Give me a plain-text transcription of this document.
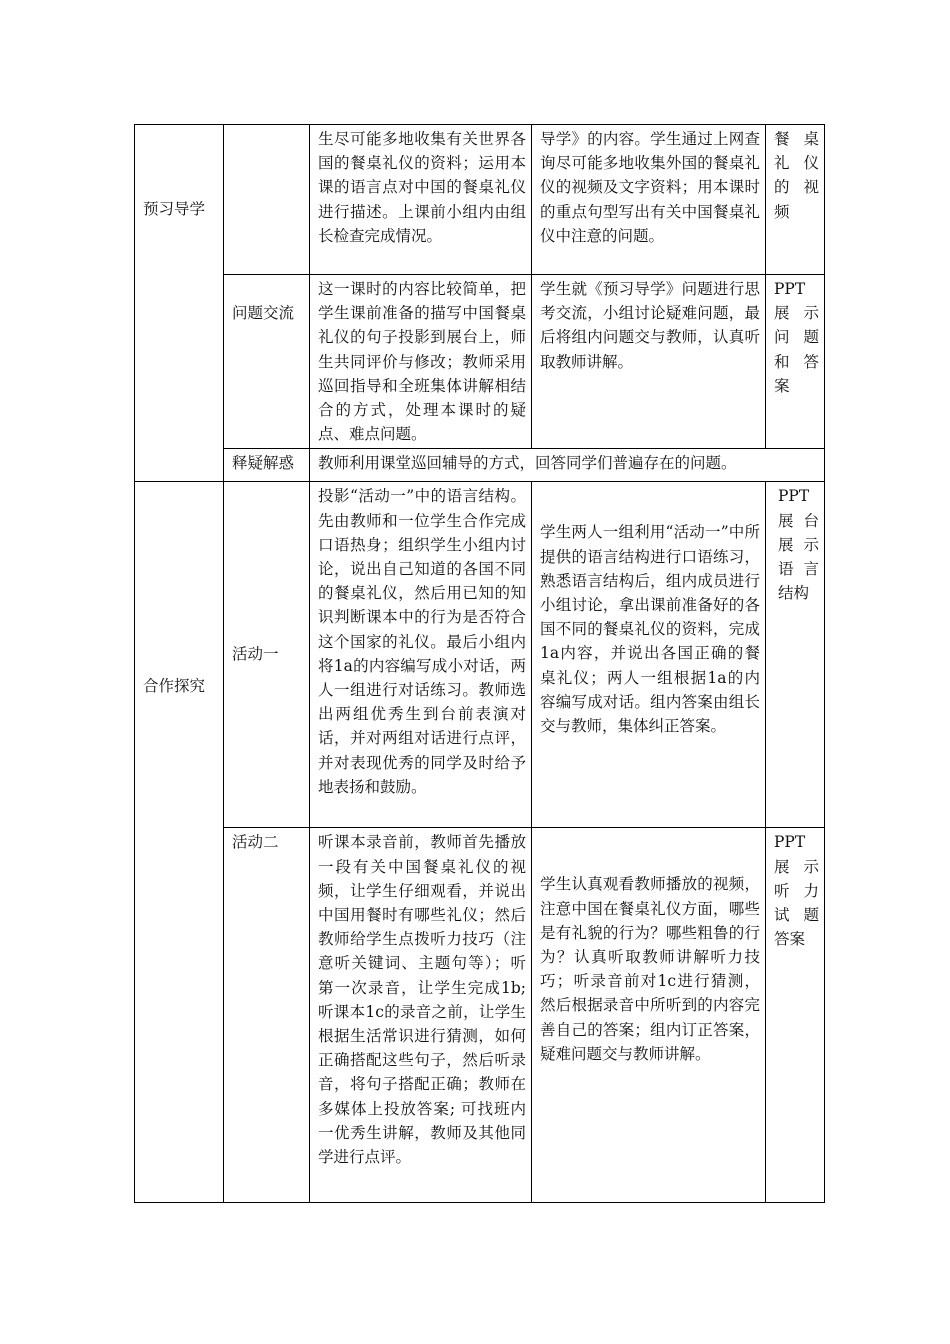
预习导学		生尽可能多地收集有关世界各国的餐桌礼仪的资料；运用本课的语言点对中国的餐桌礼仪进行描述。上课前小组内由组长检查完成情况。	导学》的内容。学生通过上网查询尽可能多地收集外国的餐桌礼仪的视频及文字资料；用本课时的重点句型写出有关中国餐桌礼仪中注意的问题。	餐桌礼仪的视频
	问题交流	这一课时的内容比较简单，把学生课前准备的描写中国餐桌礼仪的句子投影到展台上，师生共同评价与修改；教师采用巡回指导和全班集体讲解相结合的方式，处理本课时的疑点、难点问题。	学生就《预习导学》问题进行思考交流，小组讨论疑难问题，最后将组内问题交与教师，认真听取教师讲解。	PPT展示问题和答案
	释疑解惑	教师利用课堂巡回辅导的方式，回答同学们普遍存在的问题。		
合作探究	活动一	投影“活动一”中的语言结构。先由教师和一位学生合作完成口语热身；组织学生小组内讨论，说出自己知道的各国不同的餐桌礼仪，然后用已知的知识判断课本中的行为是否符合这个国家的礼仪。最后小组内将1a的内容编写成小对话，两人一组进行对话练习。教师选出两组优秀生到台前表演对话，并对两组对话进行点评，并对表现优秀的同学及时给予地表扬和鼓励。	学生两人一组利用“活动一”中所提供的语言结构进行口语练习，熟悉语言结构后，组内成员进行小组讨论，拿出课前准备好的各国不同的餐桌礼仪的资料，完成1a内容，并说出各国正确的餐桌礼仪；两人一组根据1a的内容编写成对话。组内答案由组长交与教师，集体纠正答案。	PPT展台展示语言结构
	活动二	听课本录音前，教师首先播放一段有关中国餐桌礼仪的视频，让学生仔细观看，并说出中国用餐时有哪些礼仪；然后教师给学生点拨听力技巧（注意听关键词、主题句等）；听第一次录音，让学生完成1b; 听课本1c的录音之前，让学生根据生活常识进行猜测，如何正确搭配这些句子，然后听录音，将句子搭配正确；教师在多媒体上投放答案; 可找班内一优秀生讲解，教师及其他同学进行点评。	学生认真观看教师播放的视频，注意中国在餐桌礼仪方面，哪些是有礼貌的行为？哪些粗鲁的行为？认真听取教师讲解听力技巧；听录音前对1c进行猜测，然后根据录音中所听到的内容完善自己的答案；组内订正答案，疑难问题交与教师讲解。	PPT展示听力试题答案
